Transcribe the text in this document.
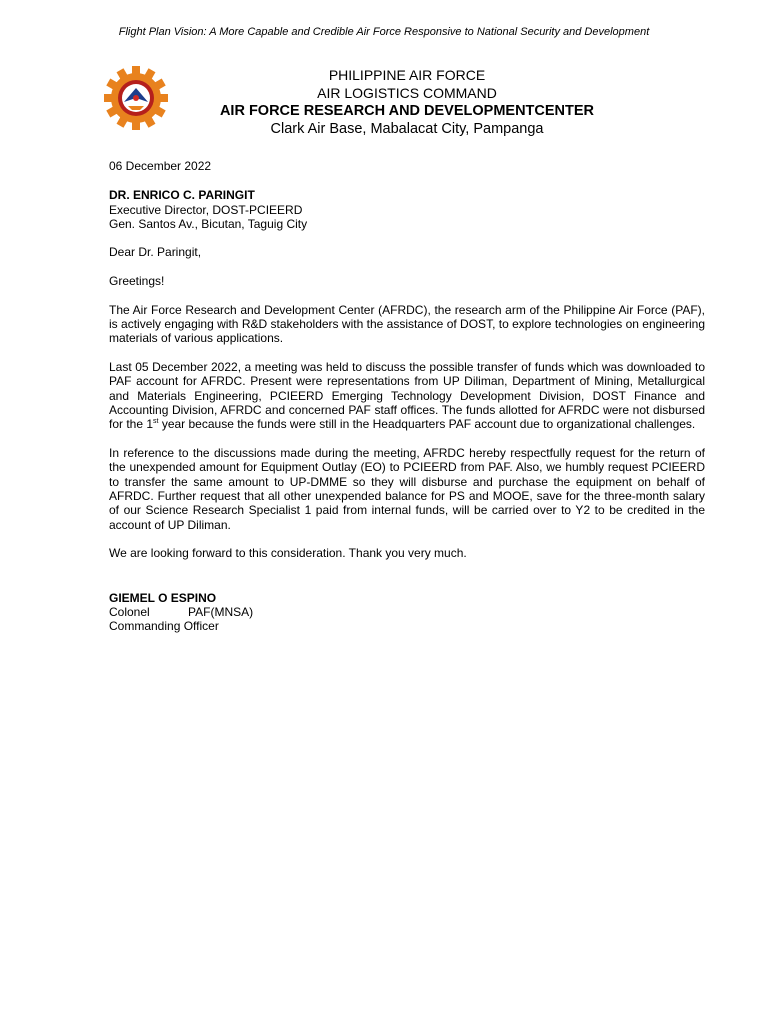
Flight Plan Vision: A More Capable and Credible Air Force Responsive to National Security and Development
PHILIPPINE AIR FORCE
AIR LOGISTICS COMMAND
AIR FORCE RESEARCH AND DEVELOPMENTCENTER
Clark Air Base, Mabalacat City, Pampanga
06 December 2022
DR. ENRICO C. PARINGIT
Executive Director, DOST-PCIEERD
Gen. Santos Av., Bicutan, Taguig City
Dear Dr. Paringit,
Greetings!
The Air Force Research and Development Center (AFRDC), the research arm of the Philippine Air Force (PAF), is actively engaging with R&D stakeholders with the assistance of DOST, to explore technologies on engineering materials of various applications.
Last 05 December 2022, a meeting was held to discuss the possible transfer of funds which was downloaded to PAF account for AFRDC. Present were representations from UP Diliman, Department of Mining, Metallurgical and Materials Engineering, PCIEERD Emerging Technology Development Division, DOST Finance and Accounting Division, AFRDC and concerned PAF staff offices. The funds allotted for AFRDC were not disbursed for the 1st year because the funds were still in the Headquarters PAF account due to organizational challenges.
In reference to the discussions made during the meeting, AFRDC hereby respectfully request for the return of the unexpended amount for Equipment Outlay (EO) to PCIEERD from PAF. Also, we humbly request PCIEERD to transfer the same amount to UP-DMME so they will disburse and purchase the equipment on behalf of AFRDC. Further request that all other unexpended balance for PS and MOOE, save for the three-month salary of our Science Research Specialist 1 paid from internal funds, will be carried over to Y2 to be credited in the account of UP Diliman.
We are looking forward to this consideration. Thank you very much.
GIEMEL O ESPINO
Colonel	PAF(MNSA)
Commanding Officer
